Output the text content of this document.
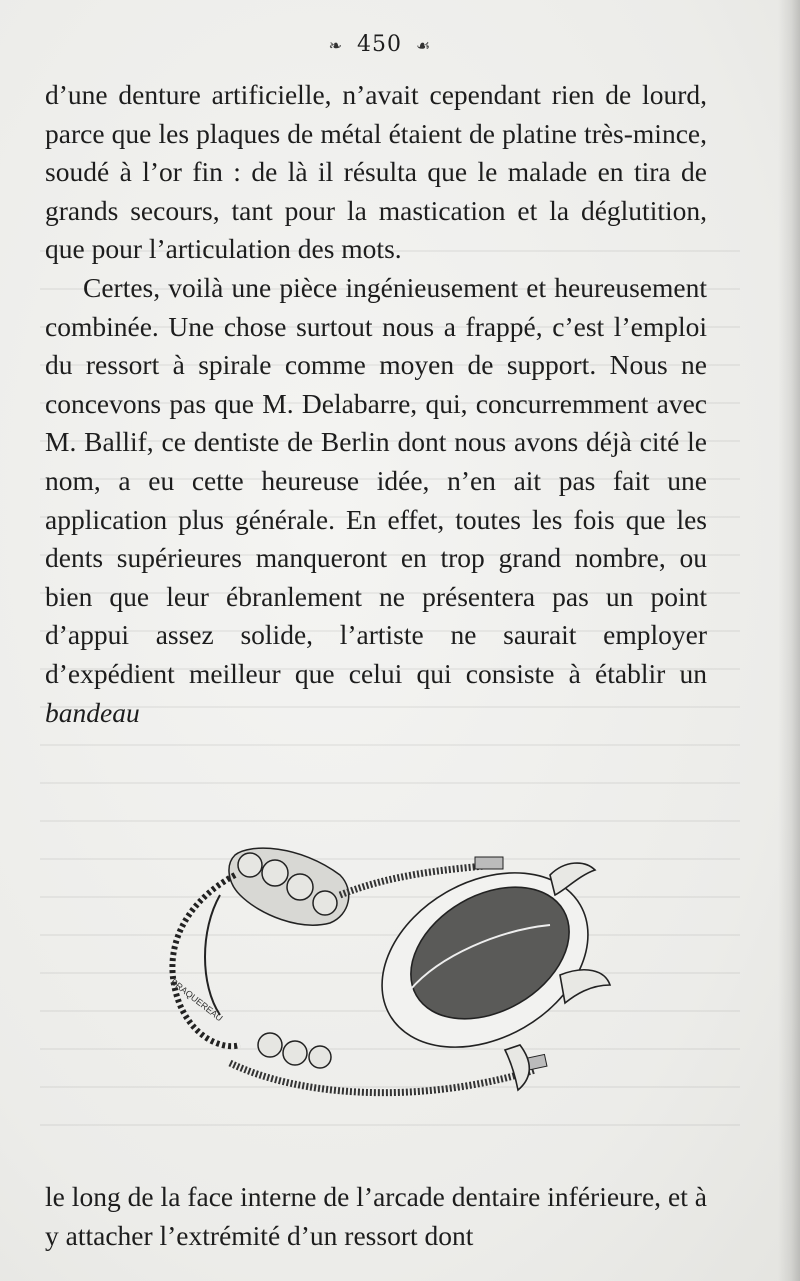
❧ 450 ☙

d’une denture artificielle, n’avait cependant rien de lourd, parce que les plaques de métal étaient de platine très-mince, soudé à l’or fin : de là il résulta que le malade en tira de grands secours, tant pour la mastication et la déglutition, que pour l’articulation des mots.

Certes, voilà une pièce ingénieusement et heureusement combinée. Une chose surtout nous a frappé, c’est l’emploi du ressort à spirale comme moyen de support. Nous ne concevons pas que M. Delabarre, qui, concurremment avec M. Ballif, ce dentiste de Berlin dont nous avons déjà cité le nom, a eu cette heureuse idée, n’en ait pas fait une application plus générale. En effet, toutes les fois que les dents supérieures manqueront en trop grand nombre, ou bien que leur ébranlement ne présentera pas un point d’appui assez solide, l’artiste ne saurait employer d’expédient meilleur que celui qui consiste à établir un bandeau

BRAQUEREAU

le long de la face interne de l’arcade dentaire inférieure, et à y attacher l’extrémité d’un ressort dont
